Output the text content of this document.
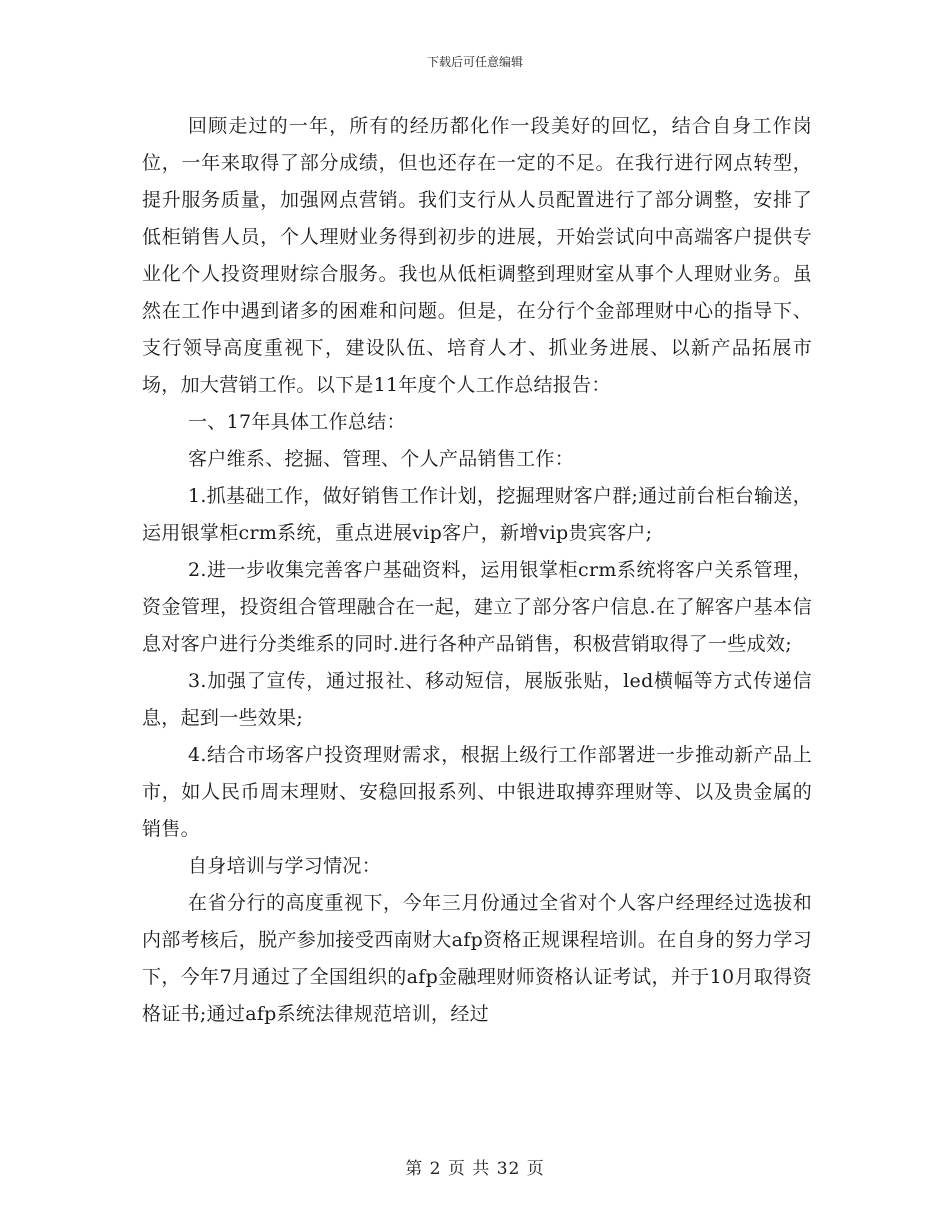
下载后可任意编辑

回顾走过的一年，所有的经历都化作一段美好的回忆，结合自身工作岗位，一年来取得了部分成绩，但也还存在一定的不足。在我行进行网点转型，提升服务质量，加强网点营销。我们支行从人员配置进行了部分调整，安排了低柜销售人员，个人理财业务得到初步的进展，开始尝试向中高端客户提供专业化个人投资理财综合服务。我也从低柜调整到理财室从事个人理财业务。虽然在工作中遇到诸多的困难和问题。但是，在分行个金部理财中心的指导下、支行领导高度重视下，建设队伍、培育人才、抓业务进展、以新产品拓展市场，加大营销工作。以下是11年度个人工作总结报告：

一、17年具体工作总结：

客户维系、挖掘、管理、个人产品销售工作：

1.抓基础工作，做好销售工作计划，挖掘理财客户群;通过前台柜台输送，运用银掌柜crm系统，重点进展vip客户，新增vip贵宾客户;

2.进一步收集完善客户基础资料，运用银掌柜crm系统将客户关系管理，资金管理，投资组合管理融合在一起，建立了部分客户信息.在了解客户基本信息对客户进行分类维系的同时.进行各种产品销售，积极营销取得了一些成效;

3.加强了宣传，通过报社、移动短信，展版张贴，led横幅等方式传递信息，起到一些效果;

4.结合市场客户投资理财需求，根据上级行工作部署进一步推动新产品上市，如人民币周末理财、安稳回报系列、中银进取搏弈理财等、以及贵金属的销售。

自身培训与学习情况：

在省分行的高度重视下，今年三月份通过全省对个人客户经理经过选拔和内部考核后，脱产参加接受西南财大afp资格正规课程培训。在自身的努力学习下，今年7月通过了全国组织的afp金融理财师资格认证考试，并于10月取得资格证书;通过afp系统法律规范培训，经过

第 2 页 共 32 页
